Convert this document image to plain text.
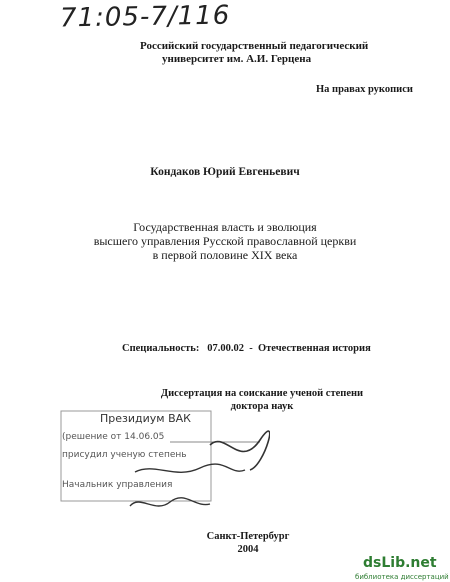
71:05-7/116
Российский государственный педагогический
университет им. А.И. Герцена
На правах рукописи
Кондаков Юрий Евгеньевич
Государственная власть и эволюция
высшего управления Русской православной церкви
в первой половине XIX века
Специальность:   07.00.02  -  Отечественная история
Диссертация на соискание ученой степени
доктора наук
Президиум ВАК
(решение от 14.06.05
присудил ученую степень
Начальник управления
Санкт-Петербург
2004
dsLib.net
библиотека диссертаций
